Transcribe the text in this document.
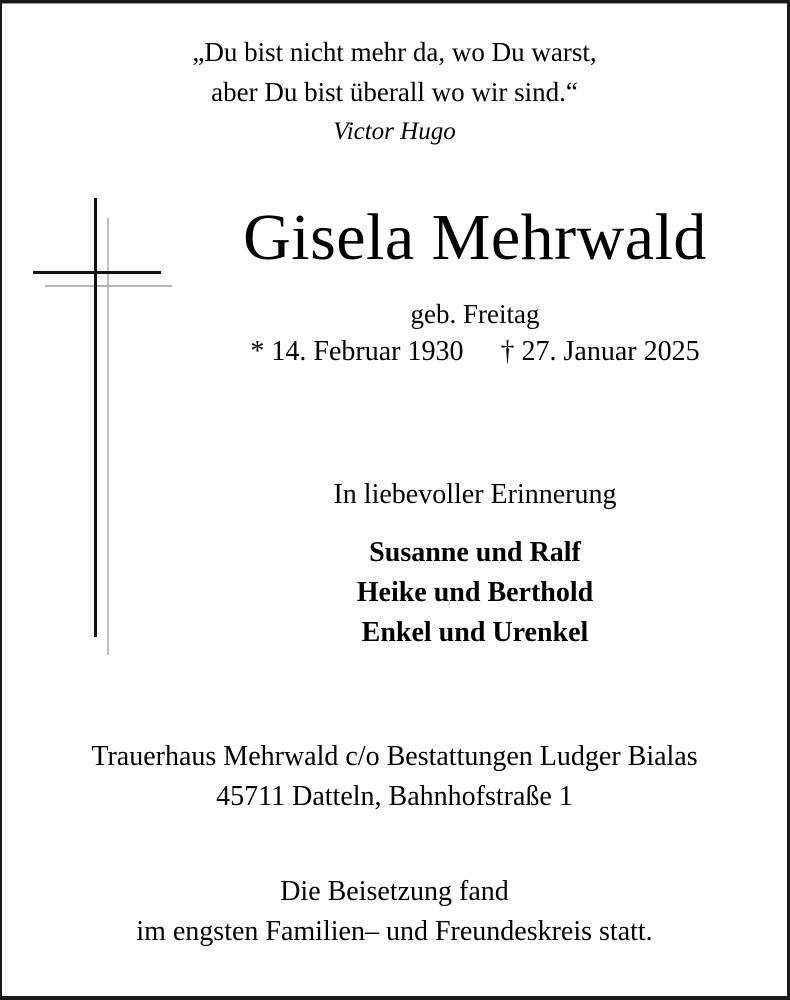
„Du bist nicht mehr da, wo Du warst,
aber Du bist überall wo wir sind.“
Victor Hugo
Gisela Mehrwald
geb. Freitag
* 14. Februar 1930 † 27. Januar 2025
In liebevoller Erinnerung
Susanne und Ralf
Heike und Berthold
Enkel und Urenkel
Trauerhaus Mehrwald c/o Bestattungen Ludger Bialas
45711 Datteln, Bahnhofstraße 1
Die Beisetzung fand
im engsten Familien– und Freundeskreis statt.
